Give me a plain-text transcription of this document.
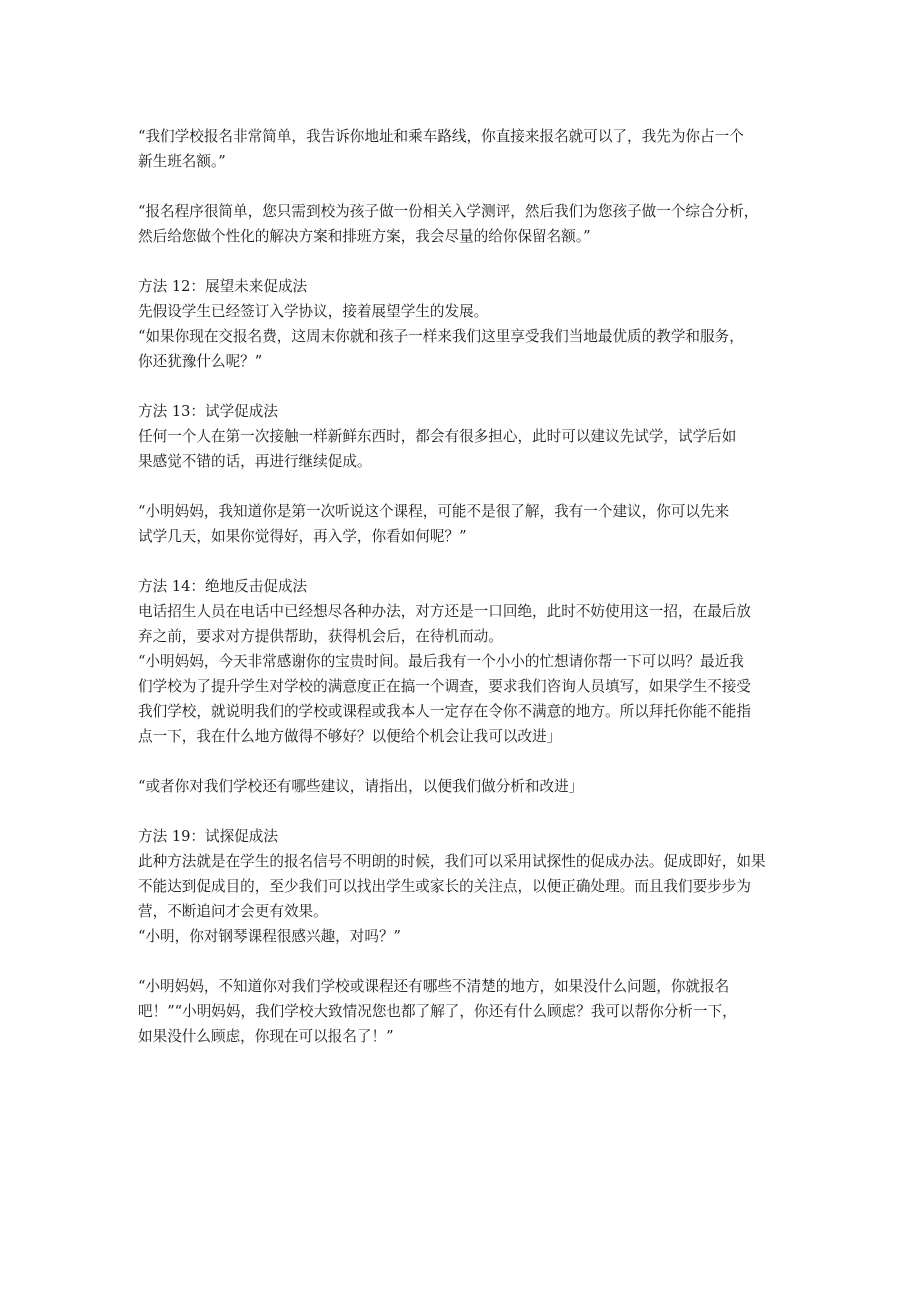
“我们学校报名非常简单，我告诉你地址和乘车路线，你直接来报名就可以了，我先为你占一个

新生班名额。”

“报名程序很简单，您只需到校为孩子做一份相关入学测评，然后我们为您孩子做一个综合分析，

然后给您做个性化的解决方案和排班方案，我会尽量的给你保留名额。”

方法 12：展望未来促成法

先假设学生已经签订入学协议，接着展望学生的发展。

“如果你现在交报名费，这周末你就和孩子一样来我们这里享受我们当地最优质的教学和服务，

你还犹豫什么呢？”

方法 13：试学促成法

任何一个人在第一次接触一样新鲜东西时，都会有很多担心，此时可以建议先试学，试学后如

果感觉不错的话，再进行继续促成。

“小明妈妈，我知道你是第一次听说这个课程，可能不是很了解，我有一个建议，你可以先来

试学几天，如果你觉得好，再入学，你看如何呢？”

方法 14：绝地反击促成法

电话招生人员在电话中已经想尽各种办法，对方还是一口回绝，此时不妨使用这一招，在最后放

弃之前，要求对方提供帮助，获得机会后，在待机而动。

“小明妈妈，今天非常感谢你的宝贵时间。最后我有一个小小的忙想请你帮一下可以吗？最近我

们学校为了提升学生对学校的满意度正在搞一个调查，要求我们咨询人员填写，如果学生不接受

我们学校，就说明我们的学校或课程或我本人一定存在令你不满意的地方。所以拜托你能不能指

点一下，我在什么地方做得不够好？以便给个机会让我可以改进」

“或者你对我们学校还有哪些建议，请指出，以便我们做分析和改进」

方法 19：试探促成法

此种方法就是在学生的报名信号不明朗的时候，我们可以采用试探性的促成办法。促成即好，如果

不能达到促成目的，至少我们可以找出学生或家长的关注点，以便正确处理。而且我们要步步为

营，不断追问才会更有效果。

“小明，你对钢琴课程很感兴趣，对吗？”

“小明妈妈，不知道你对我们学校或课程还有哪些不清楚的地方，如果没什么问题，你就报名

吧！”“小明妈妈，我们学校大致情况您也都了解了，你还有什么顾虑？我可以帮你分析一下，

如果没什么顾虑，你现在可以报名了！”
